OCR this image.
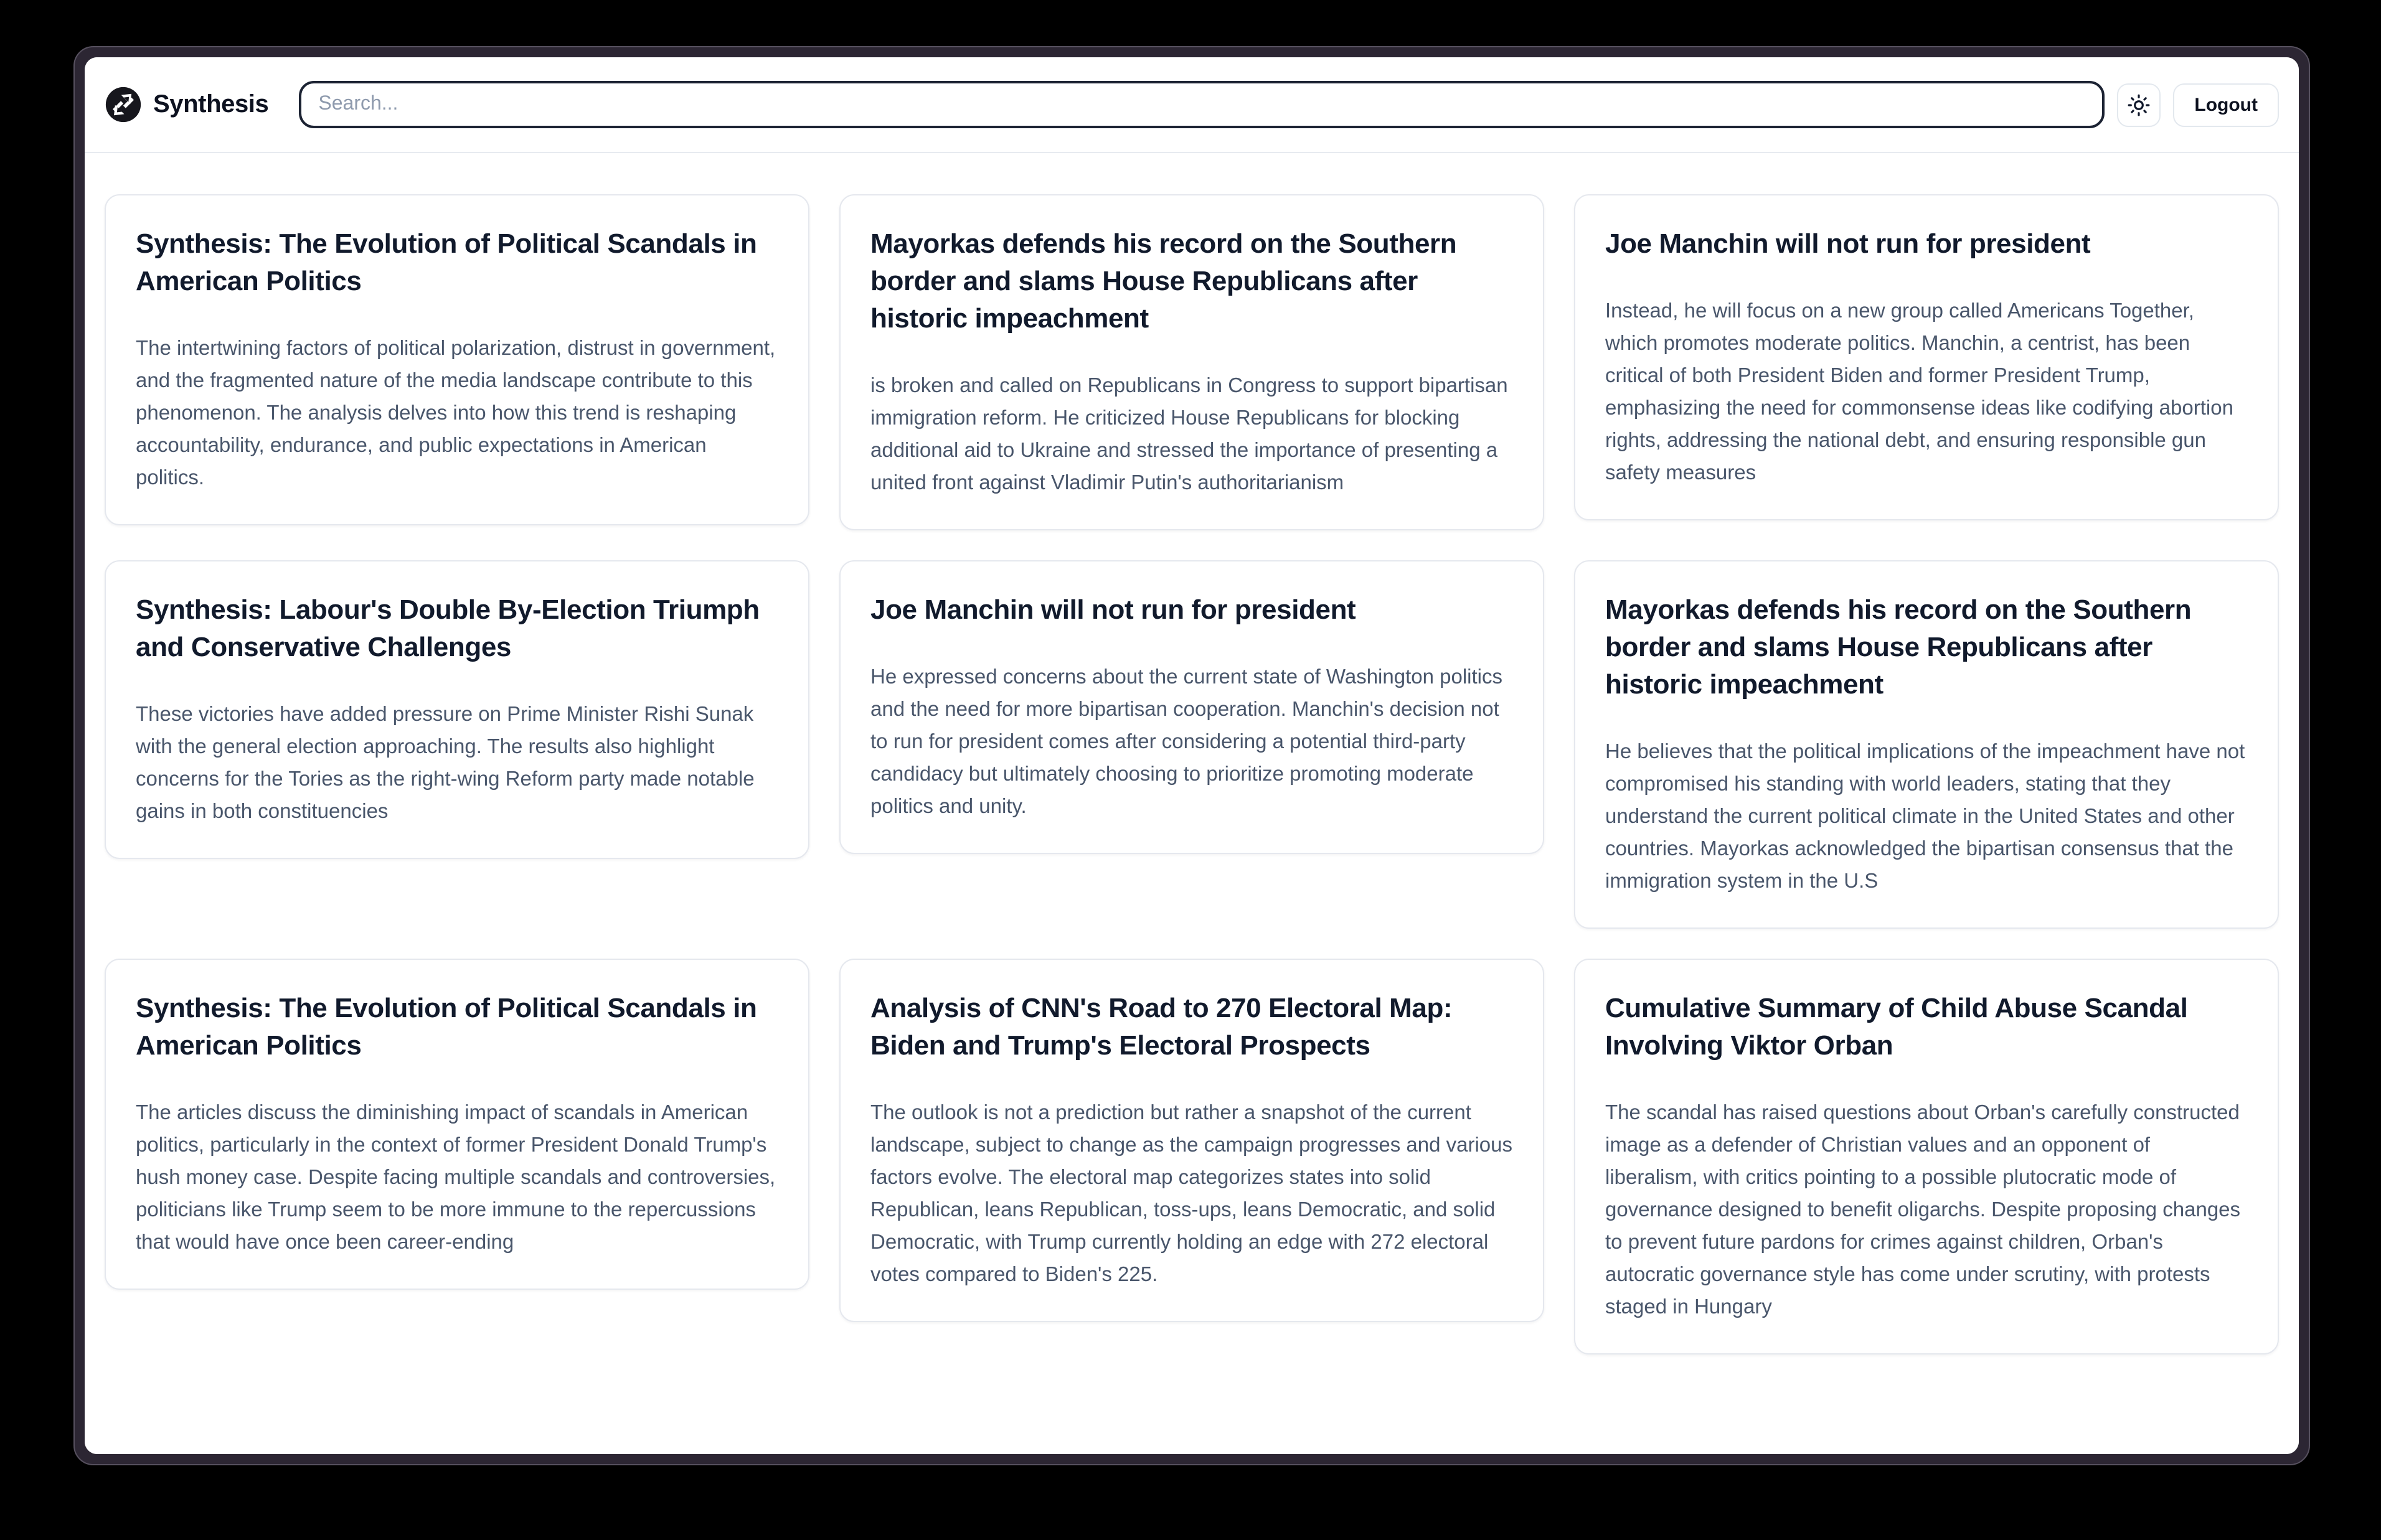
Synthesis
Search...	Logout
Synthesis: The Evolution of Political Scandals in American Politics

The intertwining factors of political polarization, distrust in government, and the fragmented nature of the media landscape contribute to this phenomenon. The analysis delves into how this trend is reshaping accountability, endurance, and public expectations in American politics.

Mayorkas defends his record on the Southern border and slams House Republicans after historic impeachment

is broken and called on Republicans in Congress to support bipartisan immigration reform. He criticized House Republicans for blocking additional aid to Ukraine and stressed the importance of presenting a united front against Vladimir Putin's authoritarianism

Joe Manchin will not run for president

Instead, he will focus on a new group called Americans Together, which promotes moderate politics. Manchin, a centrist, has been critical of both President Biden and former President Trump, emphasizing the need for commonsense ideas like codifying abortion rights, addressing the national debt, and ensuring responsible gun safety measures

Synthesis: Labour's Double By-Election Triumph and Conservative Challenges

These victories have added pressure on Prime Minister Rishi Sunak with the general election approaching. The results also highlight concerns for the Tories as the right-wing Reform party made notable gains in both constituencies

Joe Manchin will not run for president

He expressed concerns about the current state of Washington politics and the need for more bipartisan cooperation. Manchin's decision not to run for president comes after considering a potential third-party candidacy but ultimately choosing to prioritize promoting moderate politics and unity.

Mayorkas defends his record on the Southern border and slams House Republicans after historic impeachment

He believes that the political implications of the impeachment have not compromised his standing with world leaders, stating that they understand the current political climate in the United States and other countries. Mayorkas acknowledged the bipartisan consensus that the immigration system in the U.S

Synthesis: The Evolution of Political Scandals in American Politics

The articles discuss the diminishing impact of scandals in American politics, particularly in the context of former President Donald Trump's hush money case. Despite facing multiple scandals and controversies, politicians like Trump seem to be more immune to the repercussions that would have once been career-ending

Analysis of CNN's Road to 270 Electoral Map: Biden and Trump's Electoral Prospects

The outlook is not a prediction but rather a snapshot of the current landscape, subject to change as the campaign progresses and various factors evolve. The electoral map categorizes states into solid Republican, leans Republican, toss-ups, leans Democratic, and solid Democratic, with Trump currently holding an edge with 272 electoral votes compared to Biden's 225.

Cumulative Summary of Child Abuse Scandal Involving Viktor Orban

The scandal has raised questions about Orban's carefully constructed image as a defender of Christian values and an opponent of liberalism, with critics pointing to a possible plutocratic mode of governance designed to benefit oligarchs. Despite proposing changes to prevent future pardons for crimes against children, Orban's autocratic governance style has come under scrutiny, with protests staged in Hungary
